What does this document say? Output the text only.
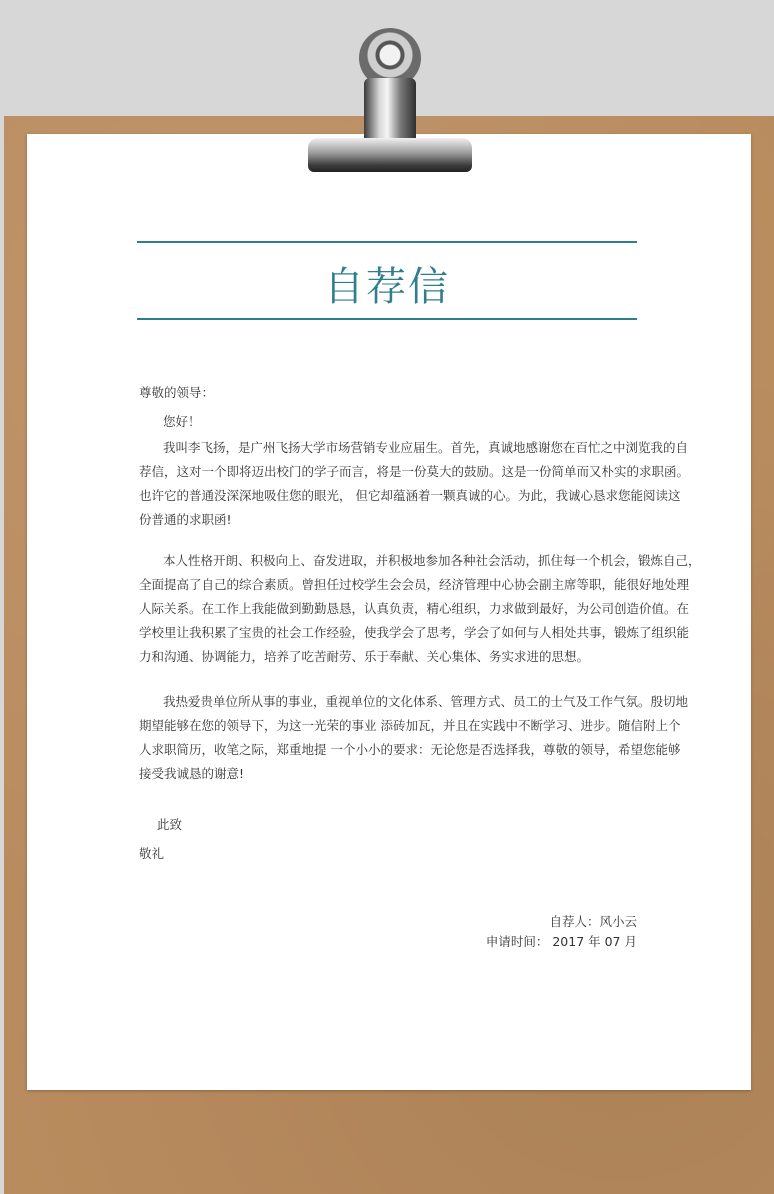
自荐信
尊敬的领导：
您好！
我叫李飞扬，是广州飞扬大学市场营销专业应届生。首先，真诚地感谢您在百忙之中浏览我的自
荐信，这对一个即将迈出校门的学子而言，将是一份莫大的鼓励。这是一份简单而又朴实的求职函。
也许它的普通没深深地吸住您的眼光， 但它却蕴涵着一颗真诚的心。为此，我诚心恳求您能阅读这
份普通的求职函!
本人性格开朗、积极向上、奋发进取，并积极地参加各种社会活动，抓住每一个机会，锻炼自己，
全面提高了自己的综合素质。曾担任过校学生会会员，经济管理中心协会副主席等职，能很好地处理
人际关系。在工作上我能做到勤勤恳恳，认真负责，精心组织，力求做到最好，为公司创造价值。在
学校里让我积累了宝贵的社会工作经验，使我学会了思考，学会了如何与人相处共事，锻炼了组织能
力和沟通、协调能力，培养了吃苦耐劳、乐于奉献、关心集体、务实求进的思想。
我热爱贵单位所从事的事业，重视单位的文化体系、管理方式、员工的士气及工作气氛。殷切地
期望能够在您的领导下，为这一光荣的事业 添砖加瓦，并且在实践中不断学习、进步。随信附上个
人求职简历，收笔之际，郑重地提 一个小小的要求：无论您是否选择我，尊敬的领导，希望您能够
接受我诚恳的谢意!
此致
敬礼
自荐人：风小云
申请时间： 2017 年 07 月
